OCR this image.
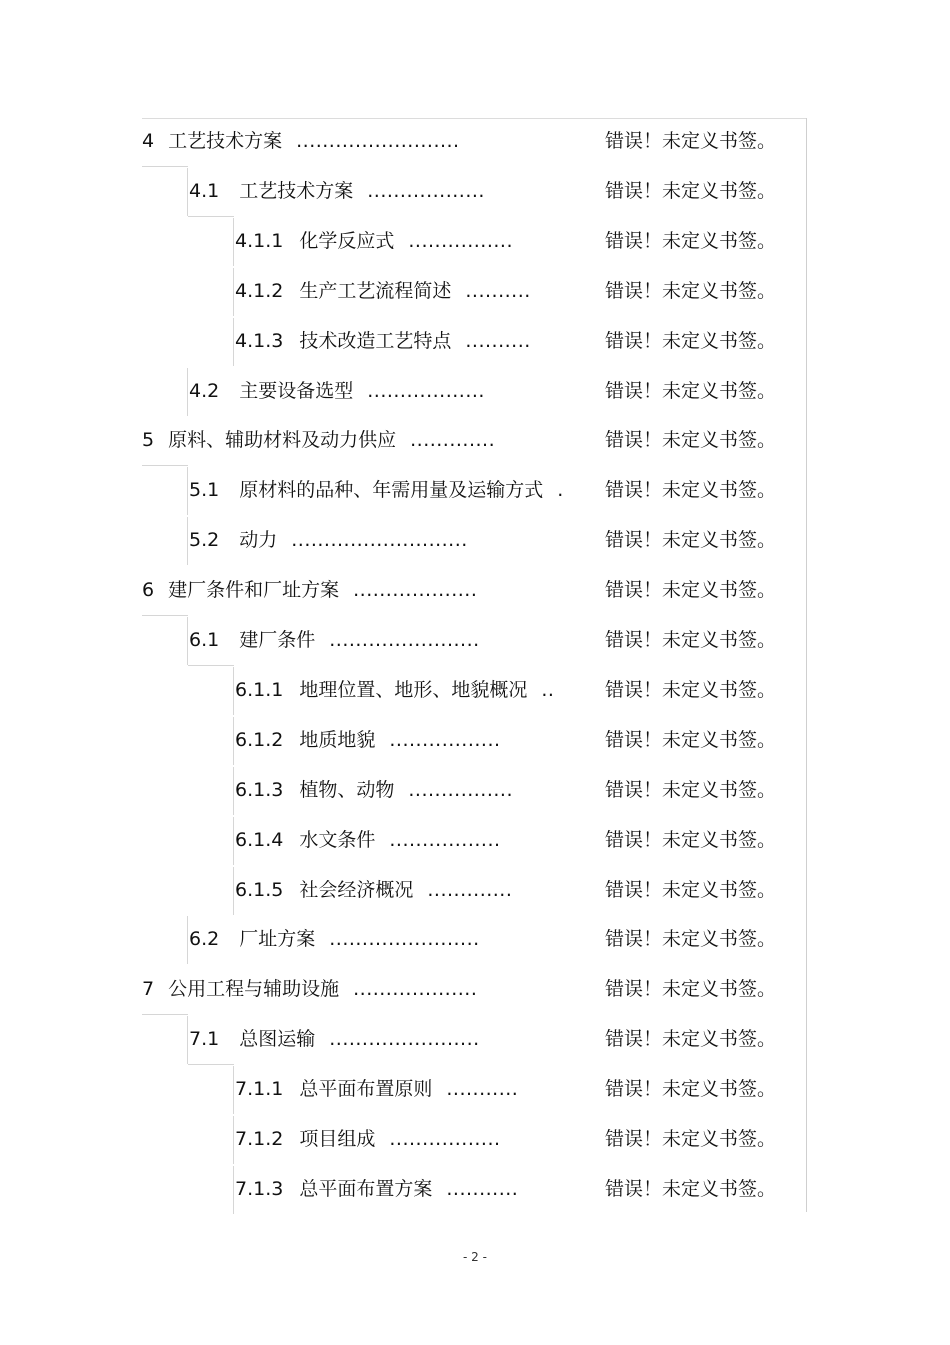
4 工艺技术方案 .........................	错误！未定义书签。
4.1 工艺技术方案 ..................	错误！未定义书签。
4.1.1 化学反应式 ................	错误！未定义书签。
4.1.2 生产工艺流程简述 ..........	错误！未定义书签。
4.1.3 技术改造工艺特点 ..........	错误！未定义书签。
4.2 主要设备选型 ..................	错误！未定义书签。
5 原料、辅助材料及动力供应 .............	错误！未定义书签。
5.1 原材料的品种、年需用量及运输方式 . 错误！未定义书签。
5.2 动力 ...........................	错误！未定义书签。
6 建厂条件和厂址方案 ...................	错误！未定义书签。
6.1 建厂条件 .......................	错误！未定义书签。
6.1.1 地理位置、地形、地貌概况 ..	错误！未定义书签。
6.1.2 地质地貌 .................	错误！未定义书签。
6.1.3 植物、动物 ................	错误！未定义书签。
6.1.4 水文条件 .................	错误！未定义书签。
6.1.5 社会经济概况 .............	错误！未定义书签。
6.2 厂址方案 .......................	错误！未定义书签。
7 公用工程与辅助设施 ...................	错误！未定义书签。
7.1 总图运输 .......................	错误！未定义书签。
7.1.1 总平面布置原则 ...........	错误！未定义书签。
7.1.2 项目组成 .................	错误！未定义书签。
7.1.3 总平面布置方案 ...........	错误！未定义书签。
- 2 -
